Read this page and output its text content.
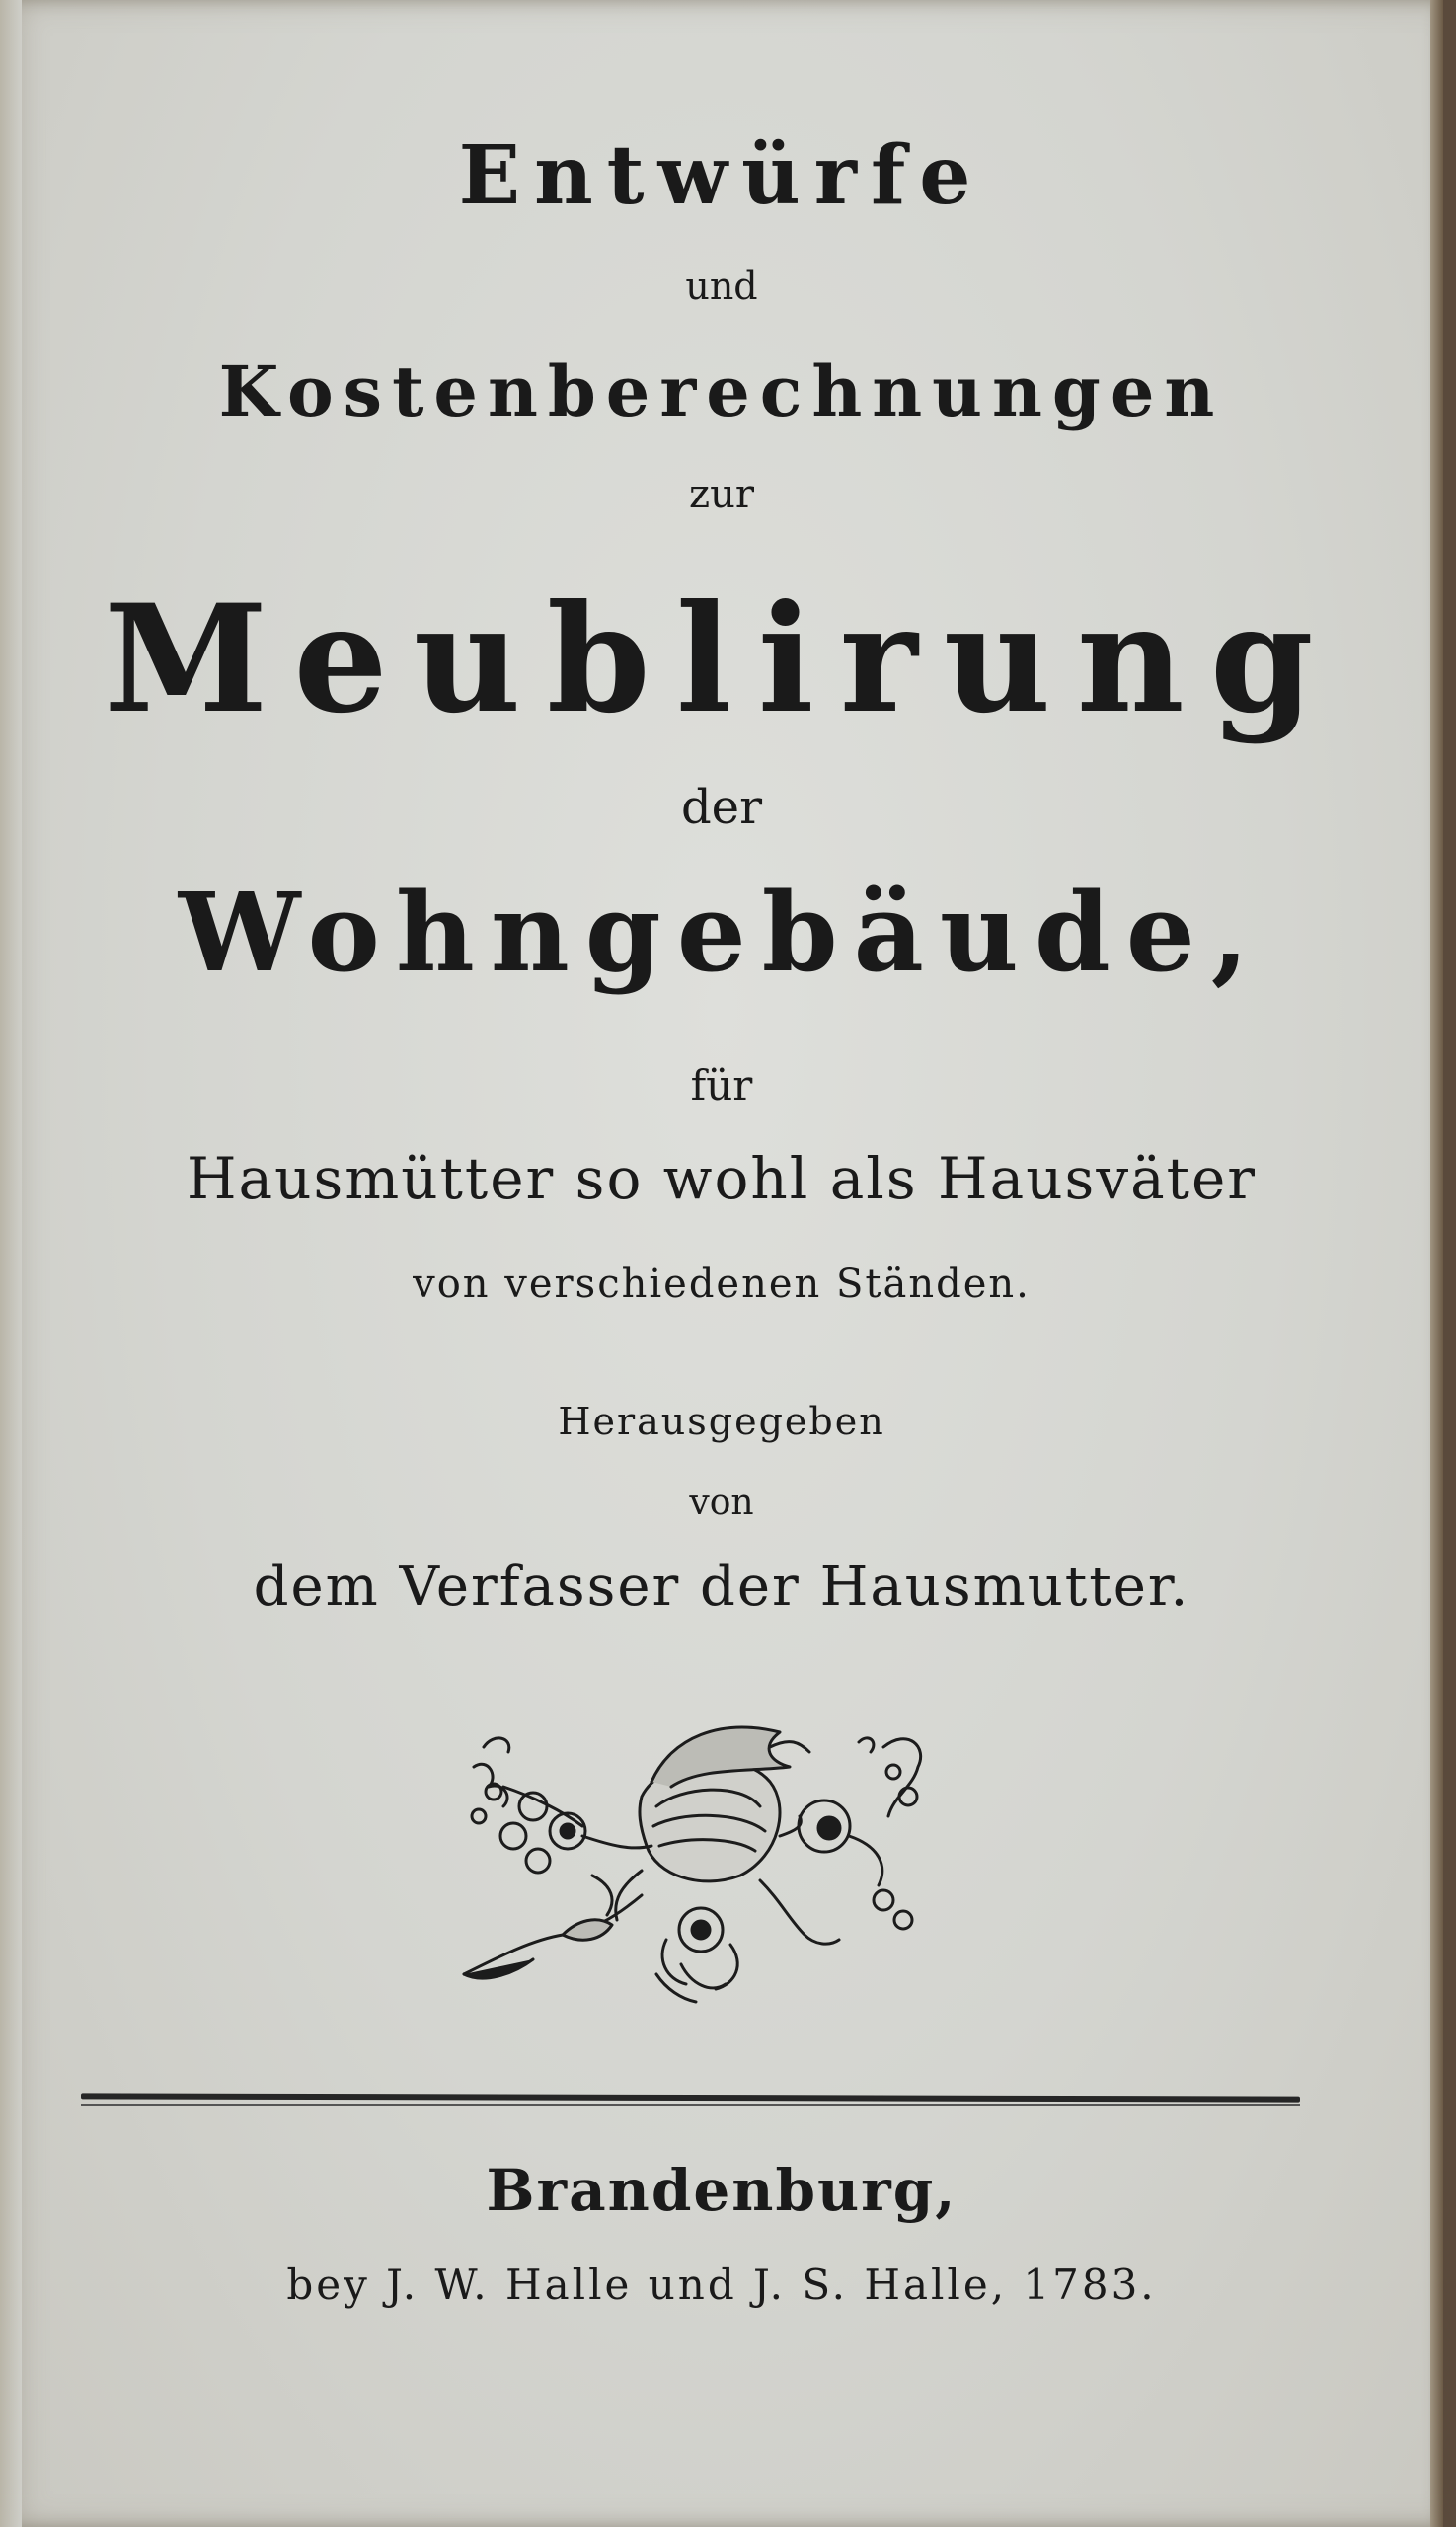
Entwürfe
und
Kostenberechnungen
zur
Meublirung
der
Wohngebäude,
für
Hausmütter so wohl als Hausväter
von verschiedenen Ständen.
Herausgegeben
von
dem Verfasser der Hausmutter.
Brandenburg,
bey J. W. Halle und J. S. Halle, 1783.
